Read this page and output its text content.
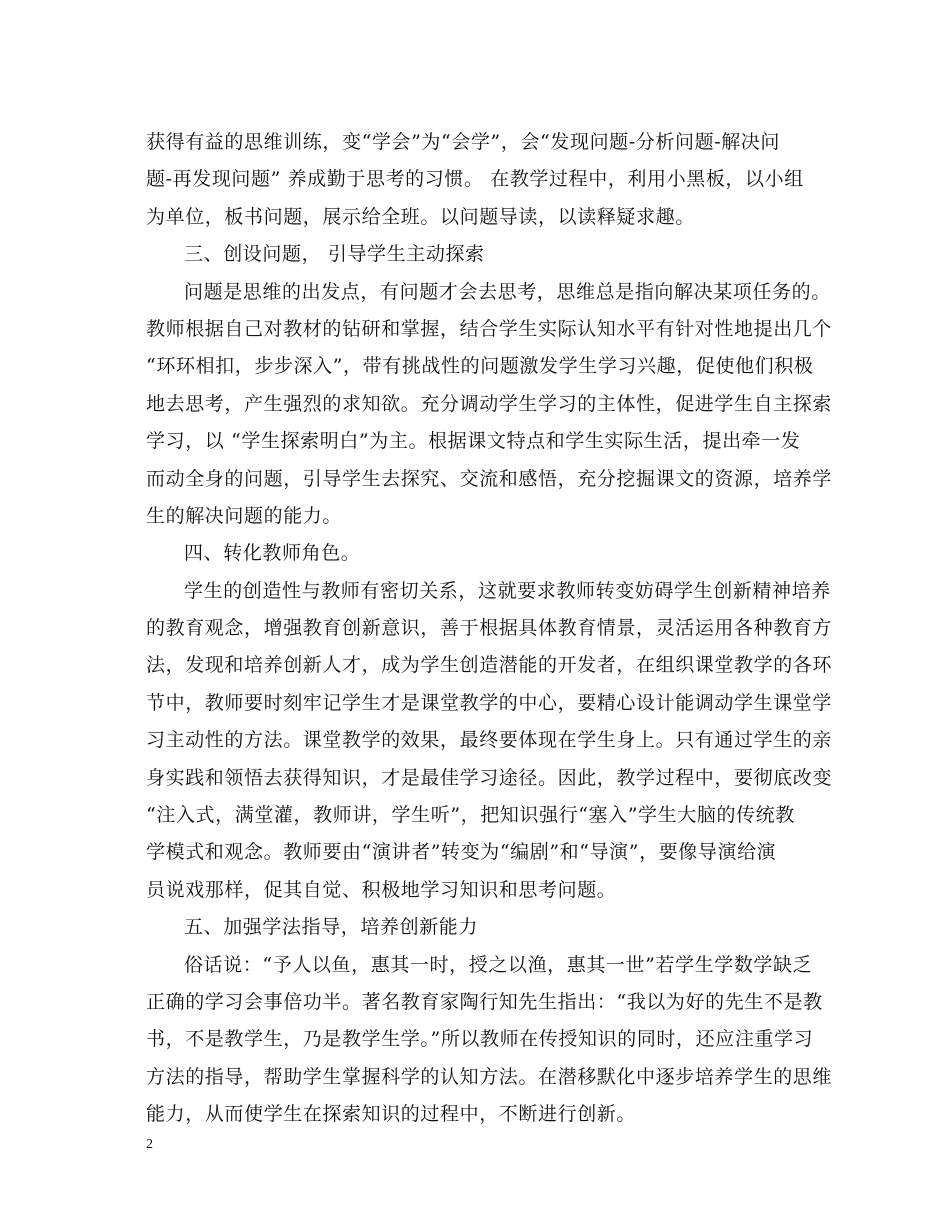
获得有益的思维训练，变“学会”为“会学”，会“发现问题-分析问题-解决问
题-再发现问题” 养成勤于思考的习惯。 在教学过程中，利用小黑板，以小组
为单位，板书问题，展示给全班。以问题导读，以读释疑求趣。
三、创设问题， 引导学生主动探索
问题是思维的出发点，有问题才会去思考，思维总是指向解决某项任务的。
教师根据自己对教材的钻研和掌握，结合学生实际认知水平有针对性地提出几个
“环环相扣，步步深入”，带有挑战性的问题激发学生学习兴趣，促使他们积极
地去思考，产生强烈的求知欲。充分调动学生学习的主体性，促进学生自主探索
学习，以 “学生探索明白”为主。根据课文特点和学生实际生活，提出牵一发
而动全身的问题，引导学生去探究、交流和感悟，充分挖掘课文的资源，培养学
生的解决问题的能力。
四、转化教师角色。
学生的创造性与教师有密切关系，这就要求教师转变妨碍学生创新精神培养
的教育观念，增强教育创新意识，善于根据具体教育情景，灵活运用各种教育方
法，发现和培养创新人才，成为学生创造潜能的开发者，在组织课堂教学的各环
节中，教师要时刻牢记学生才是课堂教学的中心，要精心设计能调动学生课堂学
习主动性的方法。课堂教学的效果，最终要体现在学生身上。只有通过学生的亲
身实践和领悟去获得知识，才是最佳学习途径。因此，教学过程中，要彻底改变
“注入式，满堂灌，教师讲，学生听”，把知识强行“塞入”学生大脑的传统教
学模式和观念。教师要由“演讲者”转变为“编剧”和“导演”，要像导演给演
员说戏那样，促其自觉、积极地学习知识和思考问题。
五、加强学法指导，培养创新能力
俗话说：“予人以鱼，惠其一时，授之以渔，惠其一世”若学生学数学缺乏
正确的学习会事倍功半。著名教育家陶行知先生指出：“我以为好的先生不是教
书，不是教学生，乃是教学生学。”所以教师在传授知识的同时，还应注重学习
方法的指导，帮助学生掌握科学的认知方法。在潜移默化中逐步培养学生的思维
能力，从而使学生在探索知识的过程中，不断进行创新。
2
